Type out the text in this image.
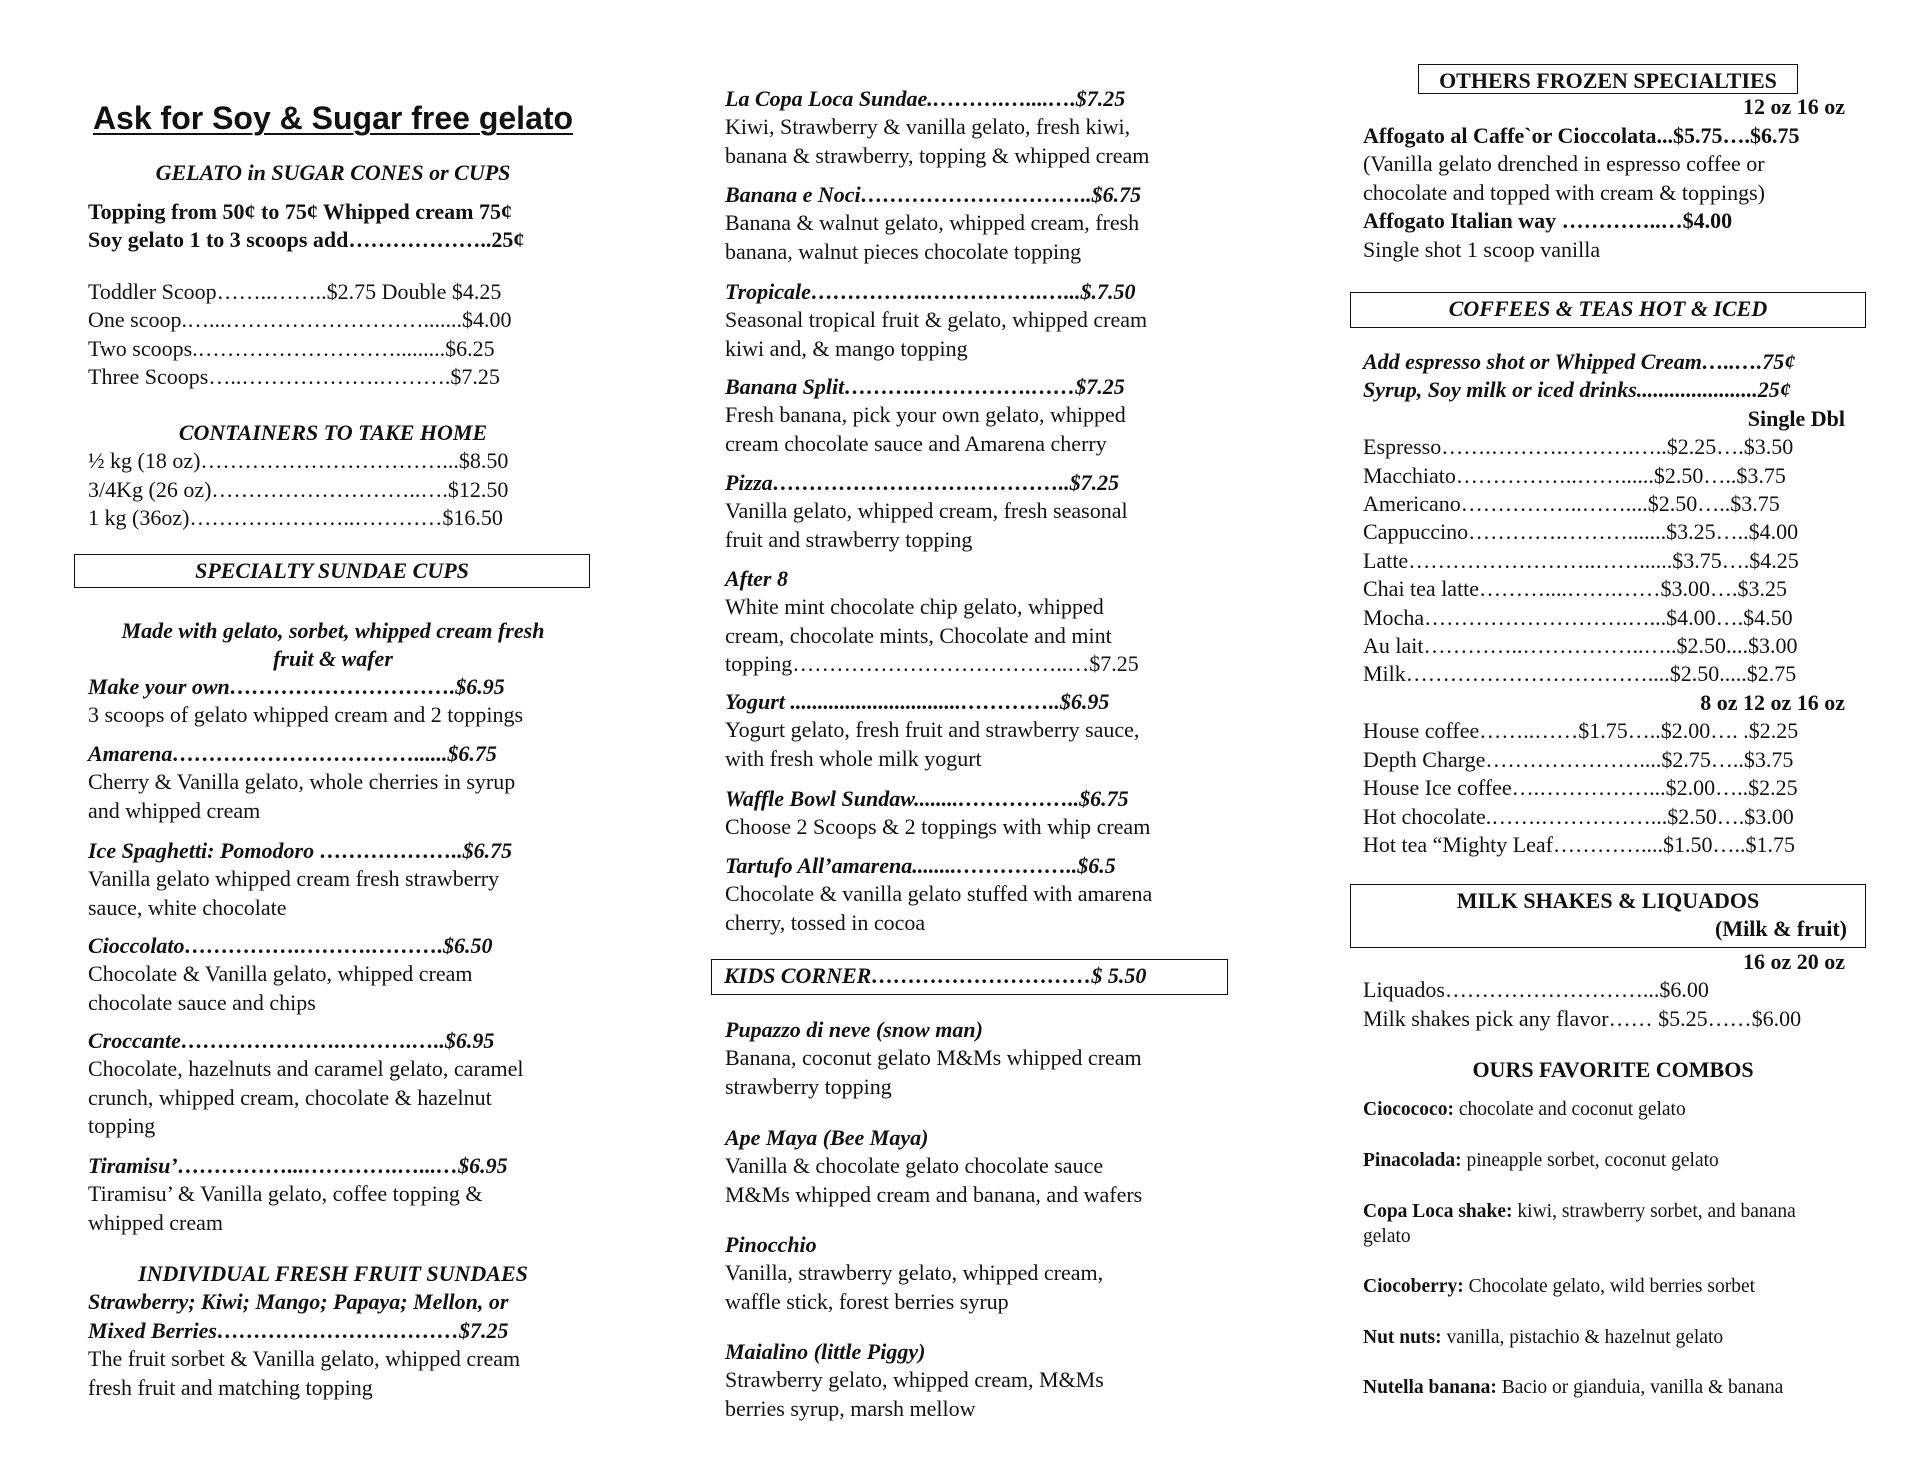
Ask for Soy & Sugar free gelato
GELATO in SUGAR CONES or CUPS
Topping from 50¢ to 75¢ Whipped cream 75¢
Soy gelato 1 to 3 scoops add………………..25¢
Toddler Scoop……..……..$2.75 Double $4.25
One scoop.…...……………………….......$4.00
Two scoops.……………………….........$6.25
Three Scoops…..……………….……….$7.25
CONTAINERS TO TAKE HOME
½ kg (18 oz)……………………………...$8.50
3/4Kg (26 oz)………………………..….$12.50
1 kg (36oz)…………………..…………$16.50
SPECIALTY SUNDAE CUPS
Made with gelato, sorbet, whipped cream fresh
fruit & wafer
Make your own………………………….$6.95
3 scoops of gelato whipped cream and 2 toppings
Amarena……………………………......$6.75
Cherry & Vanilla gelato, whole cherries in syrup
and whipped cream
Ice Spaghetti: Pomodoro ………………..$6.75
Vanilla gelato whipped cream fresh strawberry
sauce, white chocolate
Cioccolato…………….……….……….$6.50
Chocolate & Vanilla gelato, whipped cream
chocolate sauce and chips
Croccante………………….……….…..$6.95
Chocolate, hazelnuts and caramel gelato, caramel
crunch, whipped cream, chocolate & hazelnut
topping
Tiramisu’……………...………….…...…$6.95
Tiramisu’ & Vanilla gelato, coffee topping &
whipped cream
INDIVIDUAL FRESH FRUIT SUNDAES
Strawberry; Kiwi; Mango; Papaya; Mellon, or
Mixed Berries……………………………$7.25
The fruit sorbet & Vanilla gelato, whipped cream
fresh fruit and matching topping
La Copa Loca Sundae.……….…....….$7.25
Kiwi, Strawberry & vanilla gelato, fresh kiwi,
banana & strawberry, topping & whipped cream
Banana e Noci…………………………..$6.75
Banana & walnut gelato, whipped cream, fresh
banana, walnut pieces chocolate topping
Tropicale…………….…………….…...$.7.50
Seasonal tropical fruit & gelato, whipped cream
kiwi and, & mango topping
Banana Split……….…………….……$7.25
Fresh banana, pick your own gelato, whipped
cream chocolate sauce and Amarena cherry
Pizza…………………………………..$7.25
Vanilla gelato, whipped cream, fresh seasonal
fruit and strawberry topping
After 8
White mint chocolate chip gelato, whipped
cream, chocolate mints, Chocolate and mint
topping………………………………..…$7.25
Yogurt ...............................…………..$6.95
Yogurt gelato, fresh fruit and strawberry sauce,
with fresh whole milk yogurt
Waffle Bowl Sundaw........……………..$6.75
Choose 2 Scoops & 2 toppings with whip cream
Tartufo All’amarena........……………..$6.5
Chocolate & vanilla gelato stuffed with amarena
cherry, tossed in cocoa
KIDS CORNER…………………………$ 5.50
Pupazzo di neve (snow man)
Banana, coconut gelato M&Ms whipped cream
strawberry topping
Ape Maya (Bee Maya)
Vanilla & chocolate gelato chocolate sauce
M&Ms whipped cream and banana, and wafers
Pinocchio
Vanilla, strawberry gelato, whipped cream,
waffle stick, forest berries syrup
Maialino (little Piggy)
Strawberry gelato, whipped cream, M&Ms
berries syrup, marsh mellow
OTHERS FROZEN SPECIALTIES
12 oz 16 oz
Affogato al Caffe`or Cioccolata...$5.75….$6.75
(Vanilla gelato drenched in espresso coffee or
chocolate and topped with cream & toppings)
Affogato Italian way …………..…$4.00
Single shot 1 scoop vanilla
COFFEES & TEAS HOT & ICED
Add espresso shot or Whipped Cream…..….75¢
Syrup, Soy milk or iced drinks......................25¢
Single Dbl
Espresso…….……….……….…..$2.25….$3.50
Macchiato……………..……......$2.50…..$3.75
Americano……………..……....$2.50…..$3.75
Cappuccino………….……….......$3.25…..$4.00
Latte……………………..……......$3.75….$4.25
Chai tea latte………....…….……$3.00….$3.25
Mocha……………………….…...$4.00….$4.50
Au lait…………..……………..…..$2.50....$3.00
Milk……………………………....$2.50.....$2.75
8 oz 12 oz 16 oz
House coffee……..……$1.75…..$2.00…. .$2.25
Depth Charge…………………....$2.75…..$3.75
House Ice coffee….……………...$2.00…..$2.25
Hot chocolate.…….……………...$2.50….$3.00
Hot tea “Mighty Leaf…………....$1.50…..$1.75
MILK SHAKES & LIQUADOS
(Milk & fruit)
16 oz 20 oz
Liquados………………………...$6.00
Milk shakes pick any flavor…… $5.25……$6.00
OURS FAVORITE COMBOS
Ciocococo: chocolate and coconut gelato
Pinacolada: pineapple sorbet, coconut gelato
Copa Loca shake: kiwi, strawberry sorbet, and banana gelato
Ciocoberry: Chocolate gelato, wild berries sorbet
Nut nuts: vanilla, pistachio & hazelnut gelato
Nutella banana: Bacio or gianduia, vanilla & banana
